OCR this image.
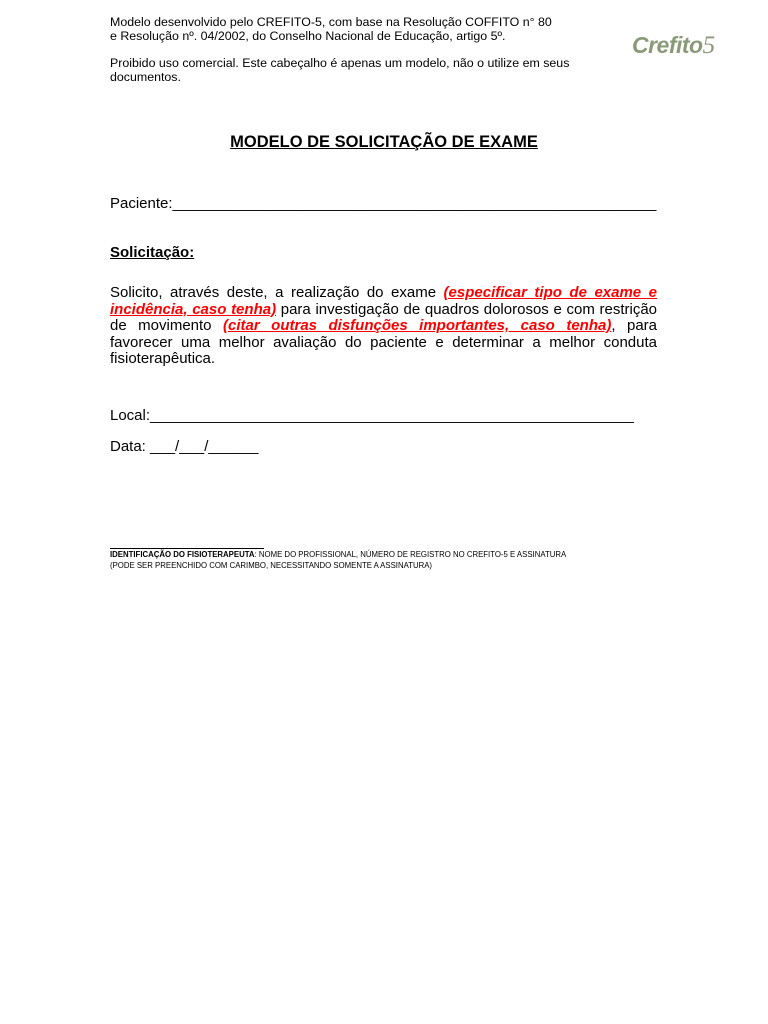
Modelo desenvolvido pelo CREFITO-5, com base na Resolução COFFITO n° 80
e Resolução nº. 04/2002, do Conselho Nacional de Educação, artigo 5º.
Proibido uso comercial. Este cabeçalho é apenas um modelo, não o utilize em seus
documentos.
Crefito5
MODELO DE SOLICITAÇÃO DE EXAME
Paciente:__________________________________________________________
Solicitação:
Solicito, através deste, a realização do exame (especificar tipo de exame e incidência, caso tenha) para investigação de quadros dolorosos e com restrição de movimento (citar outras disfunções importantes, caso tenha), para favorecer uma melhor avaliação do paciente e determinar a melhor conduta fisioterapêutica.
Local:__________________________________________________________
Data: ___/___/______
IDENTIFICAÇÃO DO FISIOTERAPEUTA: NOME DO PROFISSIONAL, NÚMERO DE REGISTRO NO CREFITO-5 E ASSINATURA
(PODE SER PREENCHIDO COM CARIMBO, NECESSITANDO SOMENTE A ASSINATURA)
